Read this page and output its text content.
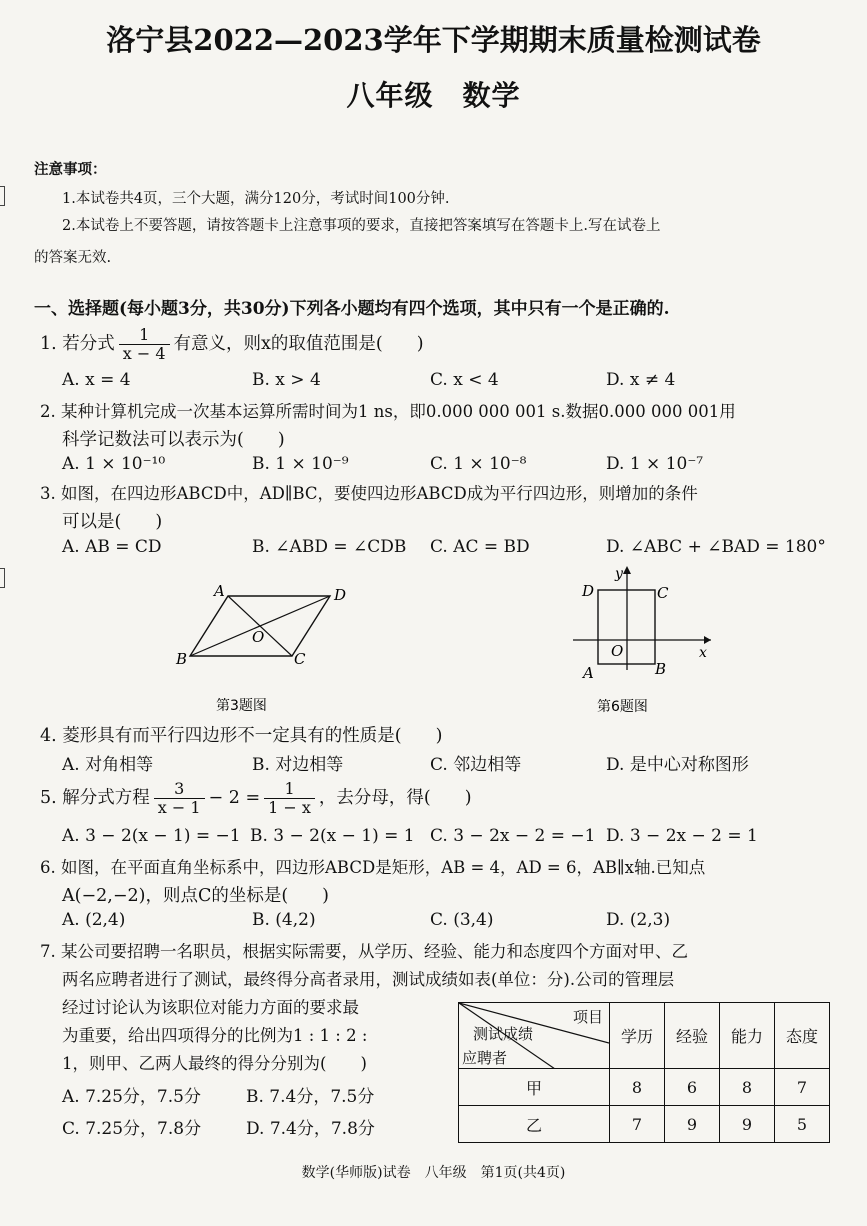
洛宁县2022—2023学年下学期期末质量检测试卷
八年级　数学
注意事项：
1.本试卷共4页，三个大题，满分120分，考试时间100分钟.
2.本试卷上不要答题，请按答题卡上注意事项的要求，直接把答案填写在答题卡上.写在试卷上
的答案无效.
一、选择题(每小题3分，共30分)下列各小题均有四个选项，其中只有一个是正确的.
1. 若分式 $\frac{1}{x - 4}$ 有意义，则x的取值范围是( )
A. x = 4	B. x > 4	C. x < 4	D. x ≠ 4
2. 某种计算机完成一次基本运算所需时间为1 ns，即0.000 000 001 s.数据0.000 000 001用
科学记数法可以表示为( )
A. 1 × 10⁻¹⁰	B. 1 × 10⁻⁹	C. 1 × 10⁻⁸	D. 1 × 10⁻⁷
3. 如图，在四边形ABCD中，AD∥BC，要使四边形ABCD成为平行四边形，则增加的条件
可以是( )
A. AB = CD	B. ∠ABD = ∠CDB C. AC = BD	D. ∠ABC + ∠BAD = 180°
A	D
B	C
O
第3题图
y
x
D	C
A	B
O
第6题图
4. 菱形具有而平行四边形不一定具有的性质是( )
A. 对角相等	B. 对边相等	C. 邻边相等	D. 是中心对称图形
5. 解分式方程 $\frac{3}{x - 1} - 2 = \frac{1}{1 - x}$ ，去分母，得( )
A. 3 − 2(x − 1) = −1 B. 3 − 2(x − 1) = 1 C. 3 − 2x − 2 = −1 D. 3 − 2x − 2 = 1
6. 如图，在平面直角坐标系中，四边形ABCD是矩形，AB = 4，AD = 6，AB∥x轴.已知点
A(−2,−2)，则点C的坐标是( )
A. (2,4)	B. (4,2)	C. (3,4)	D. (2,3)
7. 某公司要招聘一名职员，根据实际需要，从学历、经验、能力和态度四个方面对甲、乙
两名应聘者进行了测试，最终得分高者录用，测试成绩如表(单位：分).公司的管理层
经过讨论认为该职位对能力方面的要求最
为重要，给出四项得分的比例为1 : 1 : 2 :
1，则甲、乙两人最终的得分分别为( )
A. 7.25分，7.5分	B. 7.4分，7.5分
C. 7.25分，7.8分	D. 7.4分，7.8分
项目
测试成绩
应聘者	学历	经验	能力	态度
甲	8	6	8	7
乙	7	9	9	5
数学(华师版)试卷　八年级　第1页(共4页)
